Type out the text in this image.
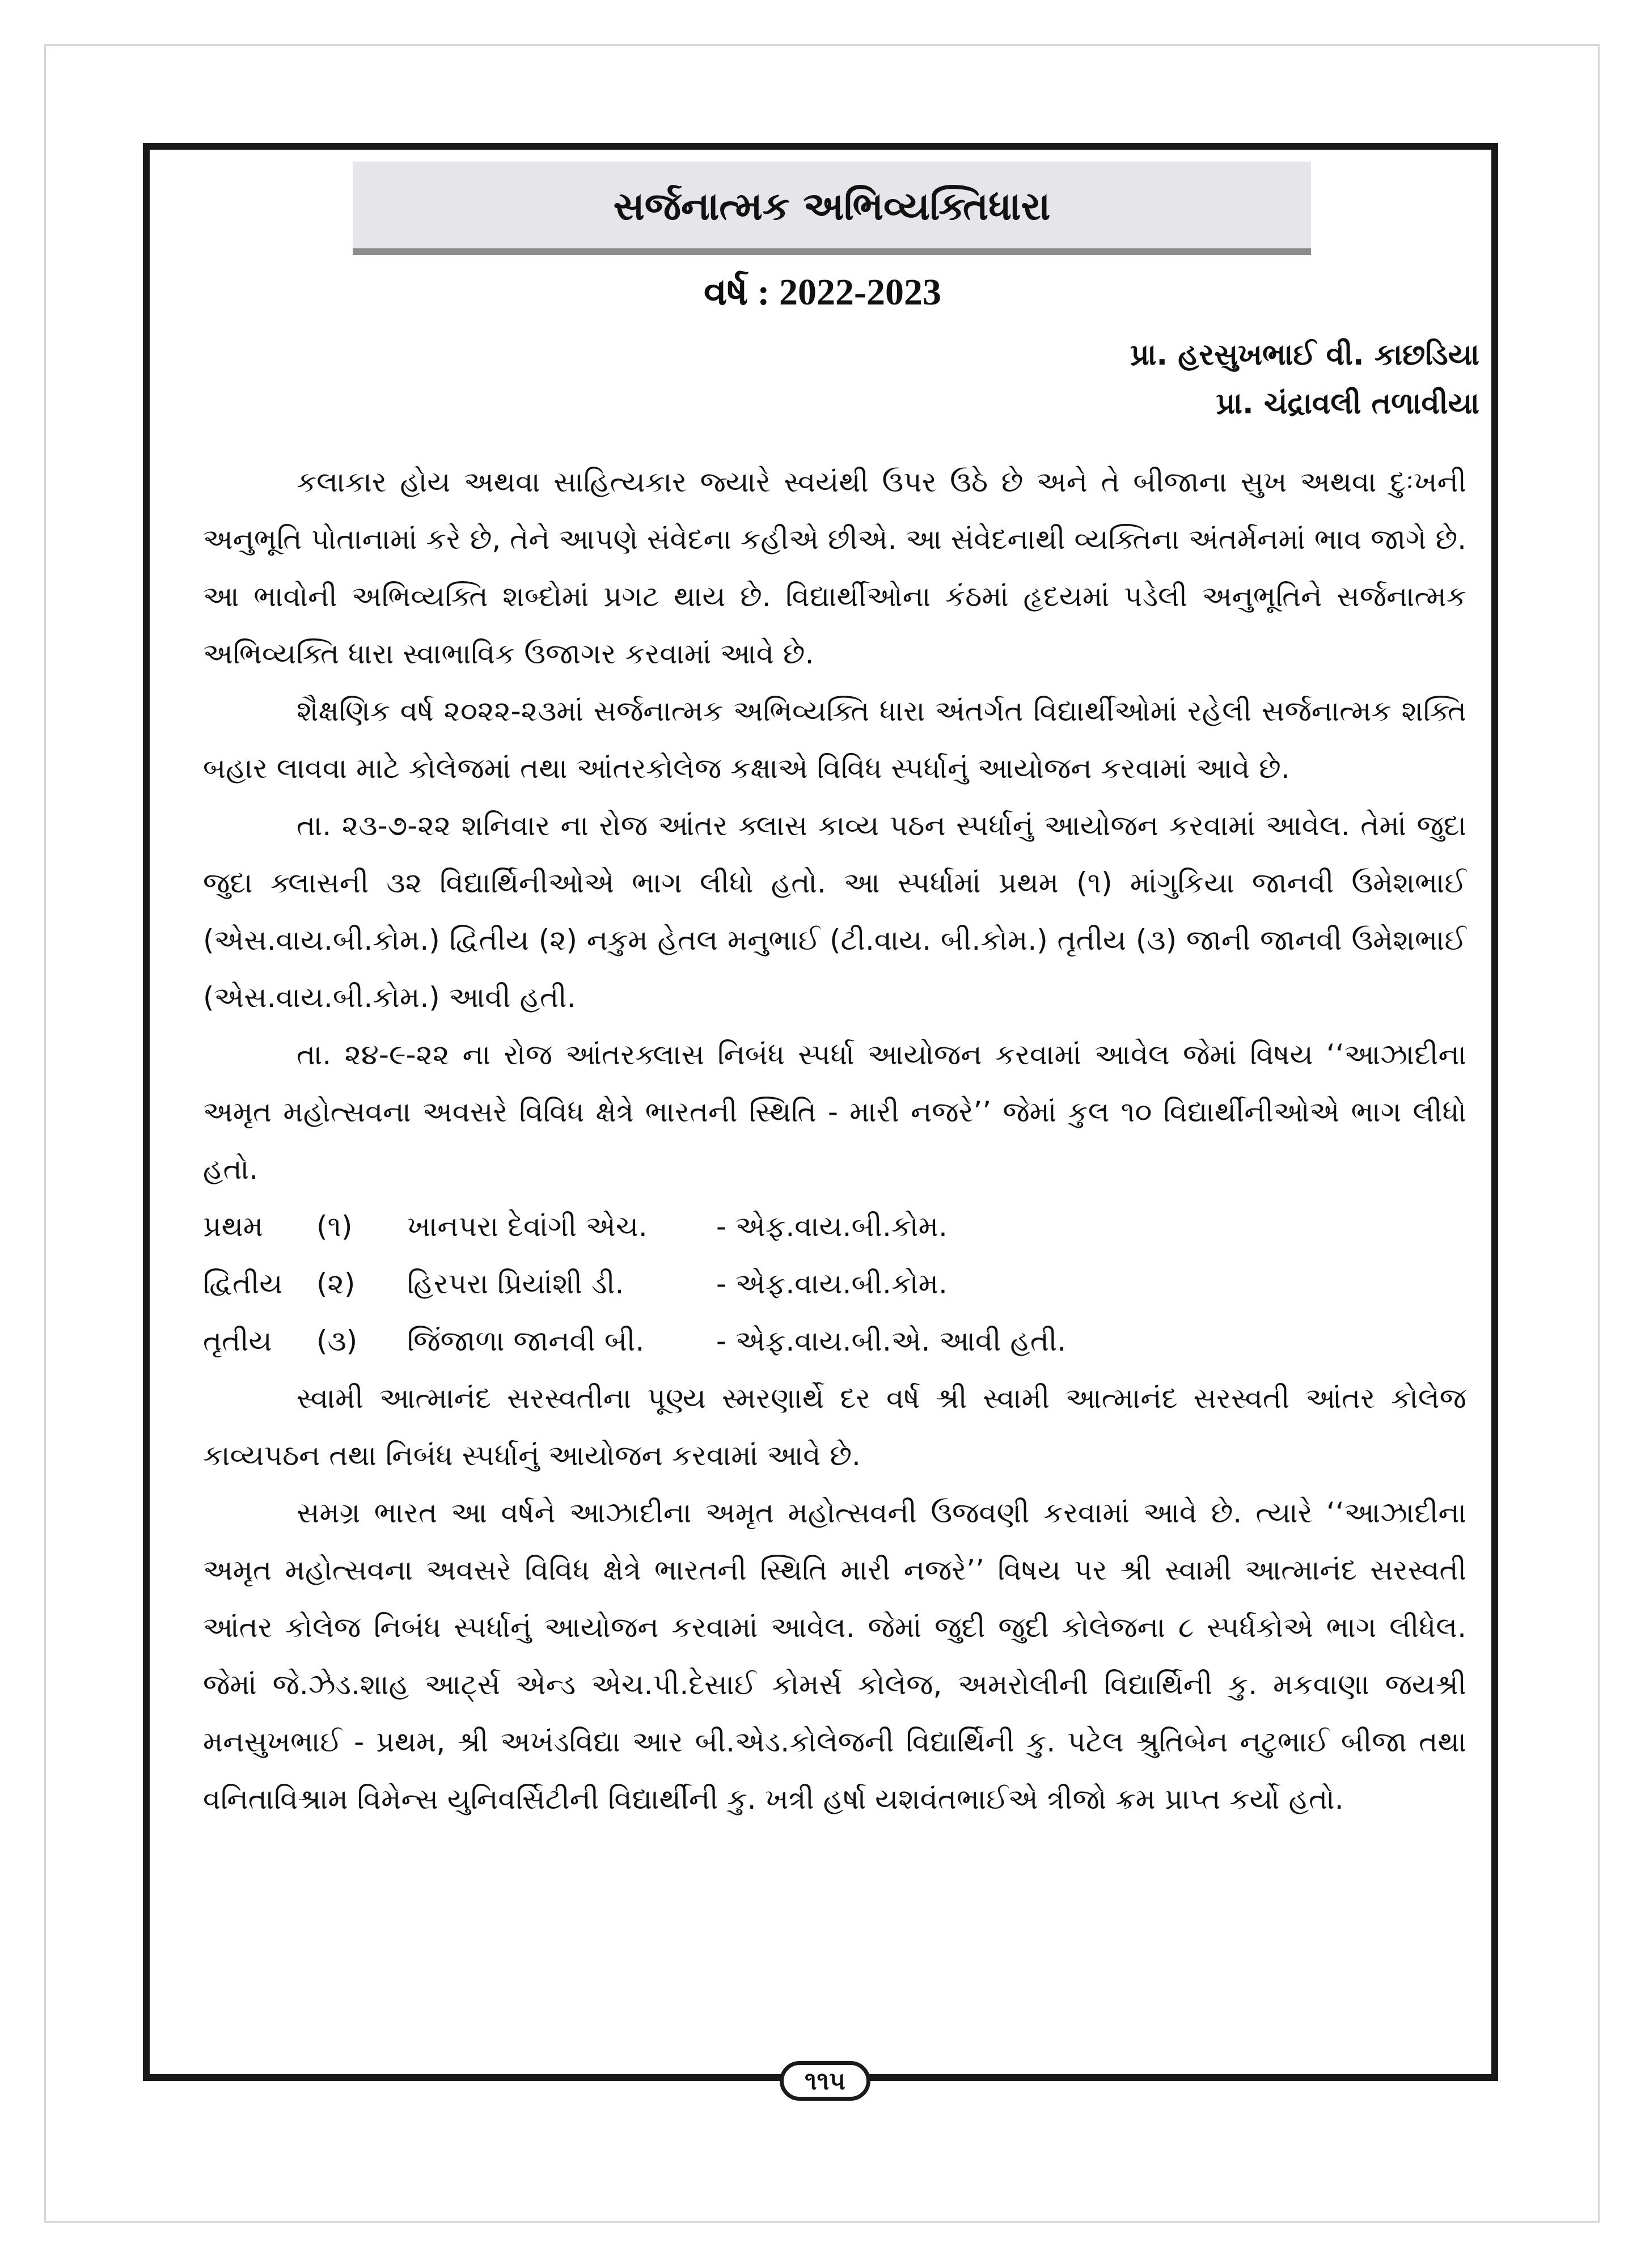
સર્જનાત્મક અભિવ્યક્તિધારા
વર્ષ : 2022-2023
પ્રા. હરસુખભાઈ વી. કાછડિયા
પ્રા. ચંદ્રાવલી તળાવીયા

કલાકાર હોય અથવા સાહિત્યકાર જ્યારે સ્વયંથી ઉપર ઉઠે છે અને તે બીજાના સુખ અથવા દુઃખની અનુભૂતિ પોતાનામાં કરે છે, તેને આપણે સંવેદના કહીએ છીએ. આ સંવેદનાથી વ્યક્તિના અંતર્મનમાં ભાવ જાગે છે. આ ભાવોની અભિવ્યક્તિ શબ્દોમાં પ્રગટ થાય છે. વિદ્યાર્થીઓના કંઠમાં હૃદયમાં પડેલી અનુભૂતિને સર્જનાત્મક અભિવ્યક્તિ ધારા સ્વાભાવિક ઉજાગર કરવામાં આવે છે.

શૈક્ષણિક વર્ષ ૨૦૨૨-૨૩માં સર્જનાત્મક અભિવ્યક્તિ ધારા અંતર્ગત વિદ્યાર્થીઓમાં રહેલી સર્જનાત્મક શક્તિ બહાર લાવવા માટે કોલેજમાં તથા આંતરકોલેજ કક્ષાએ વિવિધ સ્પર્ધાનું આયોજન કરવામાં આવે છે.

તા. ૨૩-૭-૨૨ શનિવાર ના રોજ આંતર ક્લાસ કાવ્ય પઠન સ્પર્ધાનું આયોજન કરવામાં આવેલ. તેમાં જુદા જુદા ક્લાસની ૩૨ વિદ્યાર્થિનીઓએ ભાગ લીધો હતો. આ સ્પર્ધામાં પ્રથમ (૧) માંગુકિયા જાનવી ઉમેશભાઈ (એસ.વાય.બી.કોમ.) દ્વિતીય (૨) નકુમ હેતલ મનુભાઈ (ટી.વાય. બી.કોમ.) તૃતીય (૩) જાની જાનવી ઉમેશભાઈ (એસ.વાય.બી.કોમ.) આવી હતી.

તા. ૨૪-૯-૨૨ ના રોજ આંતરક્લાસ નિબંધ સ્પર્ધા આયોજન કરવામાં આવેલ જેમાં વિષય ‘‘આઝાદીના અમૃત મહોત્સવના અવસરે વિવિધ ક્ષેત્રે ભારતની સ્થિતિ - મારી નજરે’’ જેમાં કુલ ૧૦ વિદ્યાર્થીનીઓએ ભાગ લીધો હતો.

પ્રથમ	(૧)	ખાનપરા દેવાંગી એચ.	- એફ.વાય.બી.કોમ.
દ્વિતીય	(૨)	હિરપરા પ્રિયાંશી ડી.	- એફ.વાય.બી.કોમ.
તૃતીય	(૩)	જિંજાળા જાનવી બી.	- એફ.વાય.બી.એ. આવી હતી.

સ્વામી આત્માનંદ સરસ્વતીના પૂણ્ય સ્મરણાર્થે દર વર્ષ શ્રી સ્વામી આત્માનંદ સરસ્વતી આંતર કોલેજ કાવ્યપઠન તથા નિબંધ સ્પર્ધાનું આયોજન કરવામાં આવે છે.

સમગ્ર ભારત આ વર્ષને આઝાદીના અમૃત મહોત્સવની ઉજવણી કરવામાં આવે છે. ત્યારે ‘‘આઝાદીના અમૃત મહોત્સવના અવસરે વિવિધ ક્ષેત્રે ભારતની સ્થિતિ મારી નજરે’’ વિષય પર શ્રી સ્વામી આત્માનંદ સરસ્વતી આંતર કોલેજ નિબંધ સ્પર્ધાનું આયોજન કરવામાં આવેલ. જેમાં જુદી જુદી કોલેજના ૮ સ્પર્ધકોએ ભાગ લીધેલ. જેમાં જે.ઝેડ.શાહ આર્ટ્સ એન્ડ એચ.પી.દેસાઈ કોમર્સ કોલેજ, અમરોલીની વિદ્યાર્થિની કુ. મકવાણા જયશ્રી મનસુખભાઈ - પ્રથમ, શ્રી અખંડવિદ્યા આર બી.એડ.કોલેજની વિદ્યાર્થિની કુ. પટેલ શ્રુતિબેન નટુભાઈ બીજા તથા વનિતાવિશ્રામ વિમેન્સ યુનિવર્સિટીની વિદ્યાર્થીની કુ. ખત્રી હર્ષા યશવંતભાઈએ ત્રીજો ક્રમ પ્રાપ્ત કર્યો હતો.

૧૧૫
